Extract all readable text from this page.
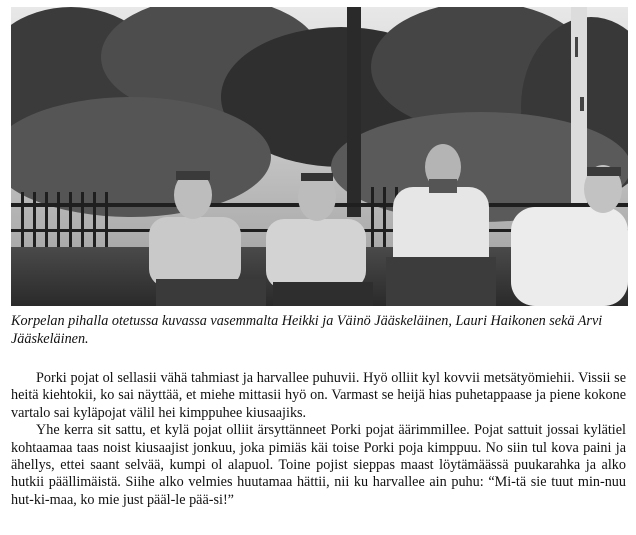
Korpelan pihalla otetussa kuvassa vasemmalta Heikki ja Väinö Jääskeläinen, Lauri Haikonen sekä Arvi Jääskeläinen.

Porki pojat ol sellasii vähä tahmiast ja harvallee puhuvii. Hyö olliit kyl kovvii metsätyömiehii. Vissii se heitä kiehtokii, ko sai näyttää, et miehe mittasii hyö on. Varmast se heijä hias puhetappaase ja piene kokone vartalo sai kyläpojat välil hei kimppuhee kiusaajiks.

Yhe kerra sit sattu, et kylä pojat olliit ärsyttänneet Porki pojat äärimmillee. Pojat sattuit jossai kylätiel kohtaamaa taas noist kiusaajist jonkuu, joka pimiäs käi toise Porki poja kimppuu. No siin tul kova paini ja ähellys, ettei saant selvää, kumpi ol alapuol. Toine pojist sieppas maast löytämäässä puukarahka ja alko hutkii päällimäistä. Siihe alko velmies huutamaa hättii, nii ku harvallee ain puhu: “Mi-tä sie tuut min-nuu hut-ki-maa, ko mie just pääl-le pää-si!”
